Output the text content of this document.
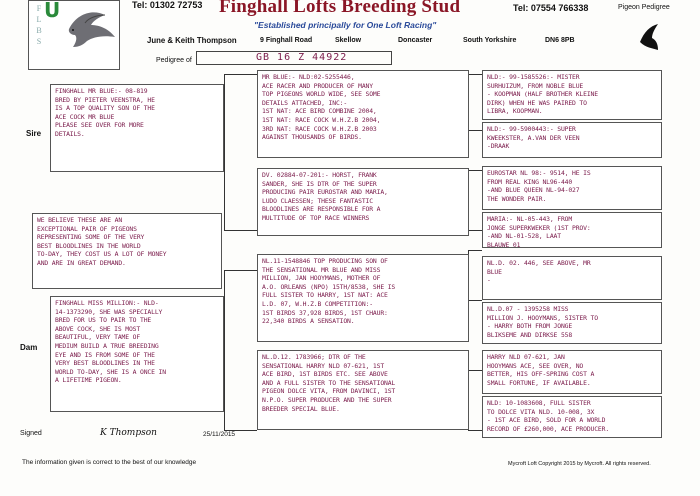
F
L
B
S
U	Tel: 01302 72753 Finghall Lofts Breeding Stud	Tel: 07554 766338	Pigeon Pedigree
"Established principally for One Loft Racing"
June & Keith Thompson	9 Finghall Road	Skellow	Doncaster	South Yorkshire	DN6 8PB
Pedigree of	GB 16 Z 44922
Sire
Dam
FINGHALL MR BLUE:- 08-819
BRED BY PIETER VEENSTRA, HE
IS A TOP QUALITY SON OF THE
ACE COCK MR BLUE
PLEASE SEE OVER FOR MORE
DETAILS.
WE BELIEVE THESE ARE AN
EXCEPTIONAL PAIR OF PIGEONS
REPRESENTING SOME OF THE VERY
BEST BLOODLINES IN THE WORLD
TO-DAY, THEY COST US A LOT OF MONEY
AND ARE IN GREAT DEMAND.
FINGHALL MISS MILLION:- NLD-
14-1373290, SHE WAS SPECIALLY
BRED FOR US TO PAIR TO THE
ABOVE COCK, SHE IS MOST
BEAUTIFUL, VERY TAME OF
MEDIUM BUILD A TRUE BREEDING
EYE AND IS FROM SOME OF THE
VERY BEST BLOODLINES IN THE
WORLD TO-DAY, SHE IS A ONCE IN
A LIFETIME PIGEON.
MR BLUE:- NLD:02-5255446,
ACE RACER AND PRODUCER OF MANY
TOP PIGEONS WORLD WIDE, SEE SOME
DETAILS ATTACHED, INC:-
1ST NAT: ACE BIRD COMBINE 2004,
1ST NAT: RACE COCK W.H.Z.B 2004,
3RD NAT: RACE COCK W.H.Z.B 2003
AGAINST THOUSANDS OF BIRDS.
DV. 02884-07-201:- HORST, FRANK
SANDER, SHE IS DTR OF THE SUPER
PRODUCING PAIR EUROSTAR AND MARIA,
LUDO CLAESSEN; THESE FANTASTIC
BLOODLINES ARE RESPONSIBLE FOR A
MULTITUDE OF TOP RACE WINNERS
NL.11-1548846 TOP PRODUCING SON OF
THE SENSATIONAL MR BLUE AND MISS
MILLION, JAN HOOYMANS, MOTHER OF
A.O. ORLEANS (NPO) 15TH/8538, SHE IS
FULL SISTER TO HARRY, 1ST NAT: ACE
L.D. 07, W.H.Z.B COMPETITION:-
1ST BIRDS 37,928 BIRDS, 1ST CHAUR:
22,340 BIRDS A SENSATION.
NL.D.12. 1783966; DTR OF THE
SENSATIONAL HARRY NLD 07-621, 1ST
ACE BIRD, 1ST BIRDS ETC. SEE ABOVE
AND A FULL SISTER TO THE SENSATIONAL
PIGEON DOLCE VITA, FROM DAVINCI, 1ST
N.P.O. SUPER PRODUCER AND THE SUPER
BREEDER SPECIAL BLUE.
NLD:- 99-1585526:- MISTER
SURHUIZUM, FROM NOBLE BLUE
- KOOPMAN (HALF BROTHER KLEINE
DIRK) WHEN HE WAS PAIRED TO
LIBRA, KOOPMAN.
NLD:- 99-5900443:- SUPER
KWEEKSTER, A.VAN DER VEEN
-DRAAK
EUROSTAR NL 98:- 9514, HE IS
FROM REAL KING NL96-440
-AND BLUE QUEEN NL-94-027
THE WONDER PAIR.
MARIA:- NL-05-443, FROM
JONGE SUPERKWEKER (1ST PROV:
-AND NL-01-528, LAAT
BLAUWE 01
NL.D. 02. 446, SEE ABOVE, MR
BLUE
-
NL.D.07 - 1395258 MISS
MILLION J. HOOYMANS, SISTER TO
- HARRY BOTH FROM JONGE
BLIKSEME AND DIRKSE 558
HARRY NLD 07-621, JAN
HOOYMANS ACE, SEE OVER, NO
BETTER, HIS OFF-SPRING COST A
SMALL FORTUNE, IF AVAILABLE.
NLD: 10-1083608, FULL SISTER
TO DOLCE VITA NLD. 10-008, 3X
- 1ST ACE BIRD, SOLD FOR A WORLD
RECORD OF £260,000, ACE PRODUCER.
Signed	K Thompson	25/11/2015
The information given is correct to the best of our knowledge	Mycroft Loft Copyright 2015 by Mycroft. All rights reserved.
